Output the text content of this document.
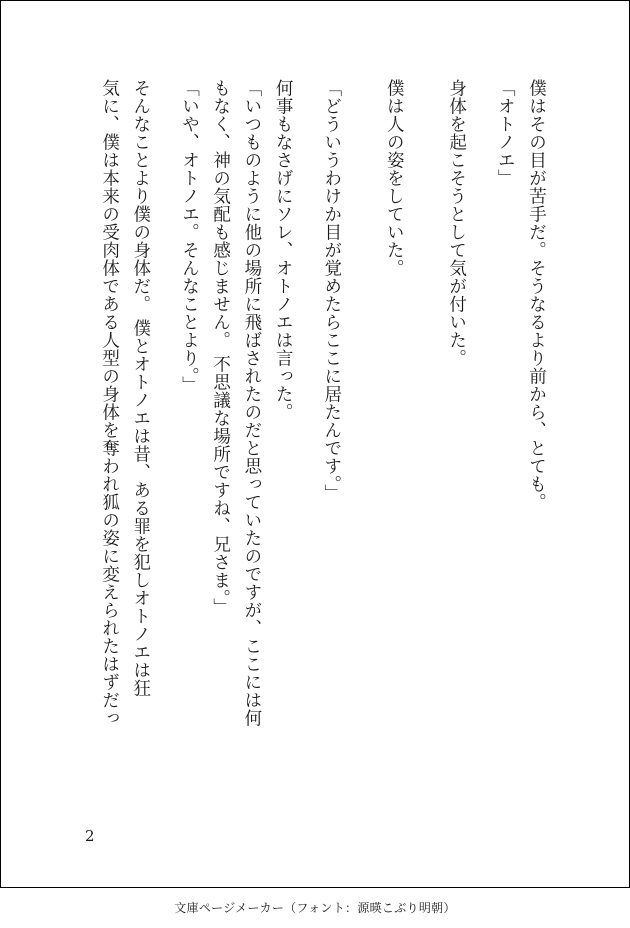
僕はその目が苦手だ。そうなるより前から、とても。
「オトノエ」
身体を起こそうとして気が付いた。

僕は人の姿をしていた。

「どういうわけか目が覚めたらここに居たんです。」
何事もなさげにソレ、オトノエは言った。
「いつものように他の場所に飛ばされたのだと思っていたのですが、ここには何
もなく、神の気配も感じません。 不思議な場所ですね、兄さま。」
「いや、オトノエ。そんなことより。」
そんなことより僕の身体だ。 僕とオトノエは昔、ある罪を犯しオトノエは狂
気に、僕は本来の受肉体である人型の身体を奪われ狐の姿に変えられたはずだっ
2
文庫ページメーカー（フォント：源暎こぶり明朝）
